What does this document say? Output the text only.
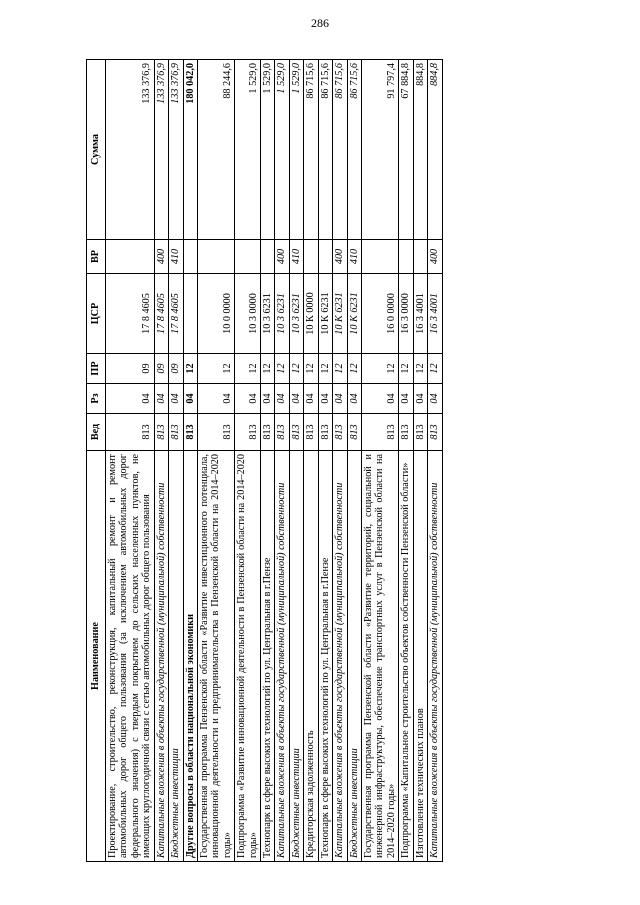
286
Наименование	Вед	Рз	ПР	ЦСР	ВР	Сумма
Проектирование, строительство, реконструкция, капитальный ремонт и ремонт автомобильных дорог общего пользования (за исключением автомобильных дорог федерального значения) с твердым покрытием до сельских населенных пунктов, не имеющих круглогодичной связи с сетью автомобильных дорог общего пользования	813	04	09	17 8 4605		133 376,9
Капитальные вложения в объекты государственной (муниципальной) собственности	813	04	09	17 8 4605	400	133 376,9
Бюджетные инвестиции	813	04	09	17 8 4605	410	133 376,9
Другие вопросы в области национальной экономики	813	04	12			180 042,0
Государственная программа Пензенской области «Развитие инвестиционного потенциала, инновационной деятельности и предпринимательства в Пензенской области на 2014–2020 годы»	813	04	12	10 0 0000		88 244,6
Подпрограмма «Развитие инновационной деятельности в Пензенской области на 2014–2020 годы»	813	04	12	10 3 0000		1 529,0
Технопарк в сфере высоких технологий по ул. Центральная в г.Пензе	813	04	12	10 3 6231		1 529,0
Капитальные вложения в объекты государственной (муниципальной) собственности	813	04	12	10 3 6231	400	1 529,0
Бюджетные инвестиции	813	04	12	10 3 6231	410	1 529,0
Кредиторская задолженность	813	04	12	10 К 0000		86 715,6
Технопарк в сфере высоких технологий по ул. Центральная в г.Пензе	813	04	12	10 К 6231		86 715,6
Капитальные вложения в объекты государственной (муниципальной) собственности	813	04	12	10 К 6231	400	86 715,6
Бюджетные инвестиции	813	04	12	10 К 6231	410	86 715,6
Государственная программа Пензенской области «Развитие территорий, социальной и инженерной инфраструктуры, обеспечение транспортных услуг в Пензенской области на 2014–2020 годы»	813	04	12	16 0 0000		91 797,4
Подпрограмма «Капитальное строительство объектов собственности Пензенской области»	813	04	12	16 3 0000		67 884,8
Изготовление технических планов	813	04	12	16 3 4001		884,8
Капитальные вложения в объекты государственной (муниципальной) собственности	813	04	12	16 3 4001	400	884,8
